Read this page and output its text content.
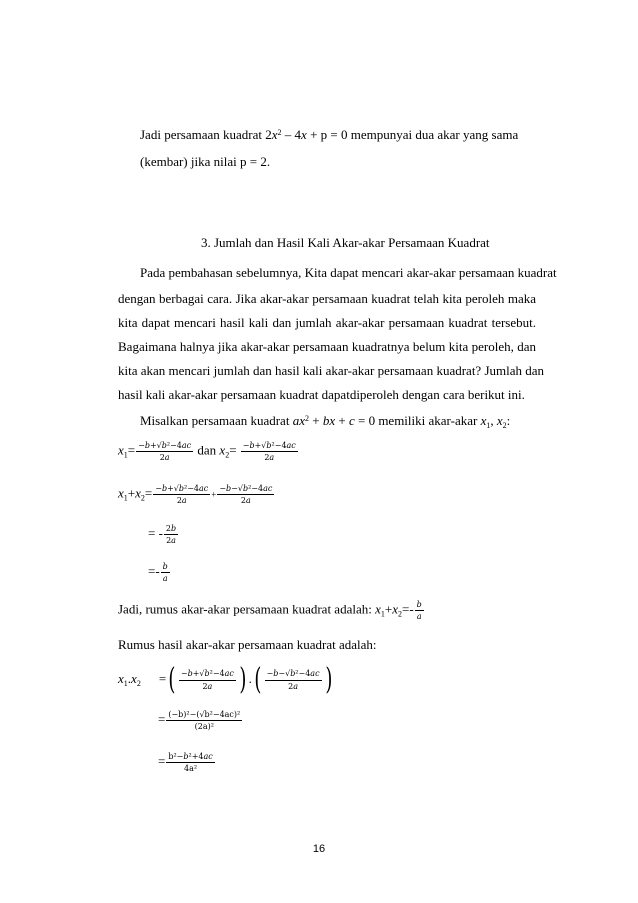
Jadi persamaan kuadrat $2x^2 - 4x + p = 0$ mempunyai dua akar yang sama
(kembar) jika nilai p = 2.
3. Jumlah dan Hasil Kali Akar-akar Persamaan Kuadrat
Pada pembahasan sebelumnya, Kita dapat mencari akar-akar persamaan kuadrat
dengan berbagai cara. Jika akar-akar persamaan kuadrat telah kita peroleh maka
kita dapat mencari hasil kali dan jumlah akar-akar persamaan kuadrat tersebut.
Bagaimana halnya jika akar-akar persamaan kuadratnya belum kita peroleh, dan
kita akan mencari jumlah dan hasil kali akar-akar persamaan kuadrat? Jumlah dan
hasil kali akar-akar persamaan kuadrat dapatdiperoleh dengan cara berikut ini.
Misalkan persamaan kuadrat $ax^2$ + bx + c = 0 memiliki akar-akar $x_1$, $x_2$:
$x_1= \frac{\text{−𝑏+√𝑏²−4𝑎𝑐}}{\text{2𝑎}}$ dan $x_2= \frac{\text{−𝑏+√𝑏²−4𝑎𝑐}}{\text{2𝑎}}$
$x_1+x_2= \frac{\text{−𝑏+√𝑏²−4𝑎𝑐}}{\text{2𝑎}} + \frac{\text{−𝑏−√𝑏²−4𝑎𝑐}}{\text{2𝑎}}$
= - $\frac{\text{2𝑏}}{\text{2𝑎}}$
=- $\frac{\text{𝑏}}{\text{𝑎}}$
Jadi, rumus akar-akar persamaan kuadrat adalah: $x_1+x_2=- \frac{\text{𝑏}}{\text{𝑎}}$
Rumus hasil akar-akar persamaan kuadrat adalah:
$x_1.x_2$ =( $\frac{\text{−𝑏+√𝑏²−4𝑎𝑐}}{\text{2𝑎}}$ ) .( $\frac{\text{−𝑏−√𝑏²−4𝑎𝑐}}{\text{2𝑎}}$ )
= $\frac{\text{(−b)²−(√b²−4ac)²}}{\text{(2a)²}}$
= $\frac{\text{b²−𝑏²+4𝑎𝑐}}{\text{4a²}}$
16
